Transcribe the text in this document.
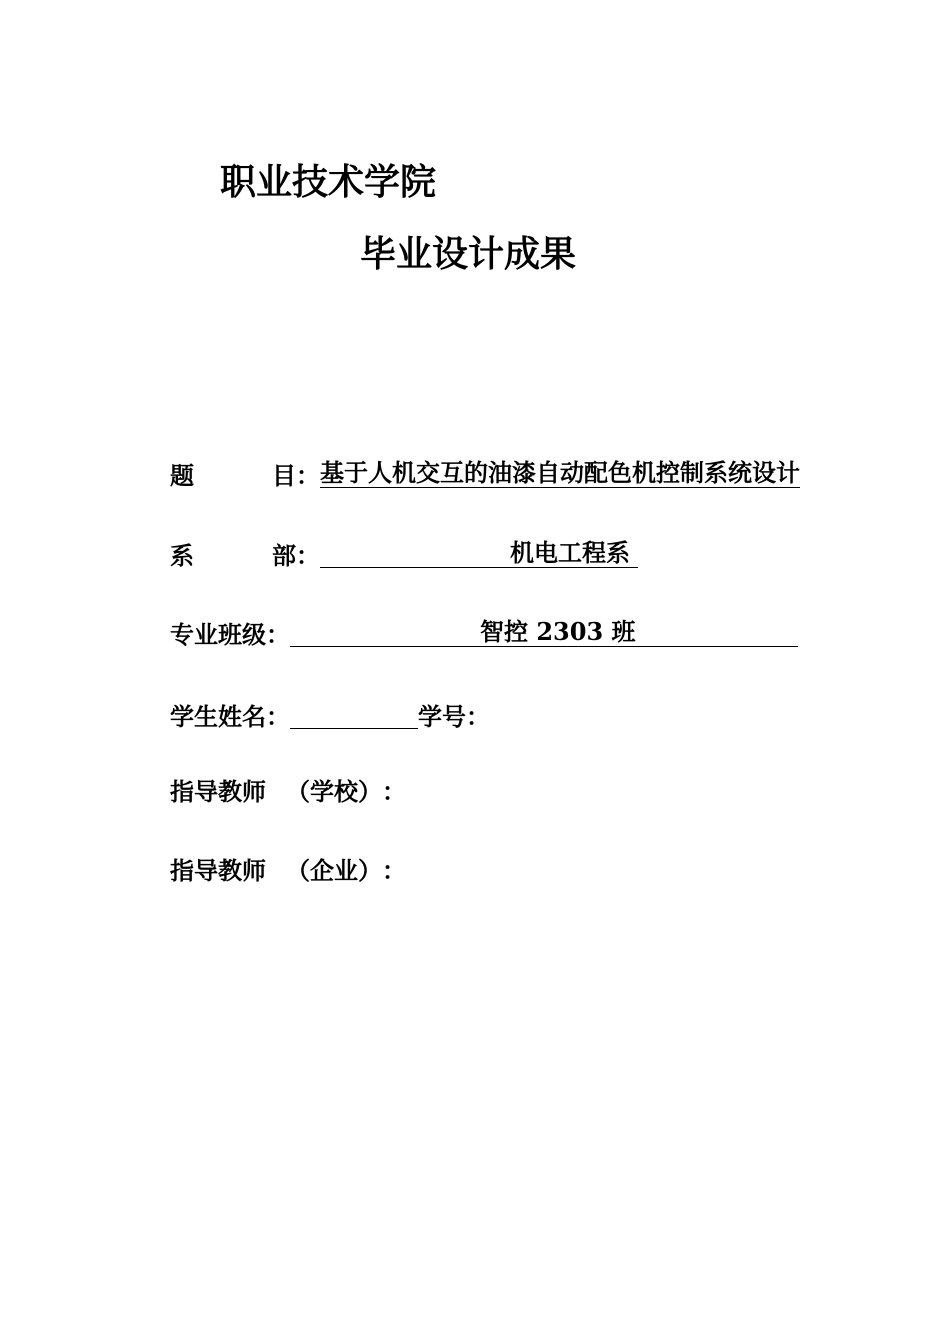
职业技术学院
毕业设计成果
题	目 ： 基于人机交互的油漆自动配色机控制系统设计
系	部 ：	机电工程系
专业班级 ：	智控 2303 班
学生姓名 ：	学号 ：
指导教师 （学校） ：
指导教师 （企业） ：
